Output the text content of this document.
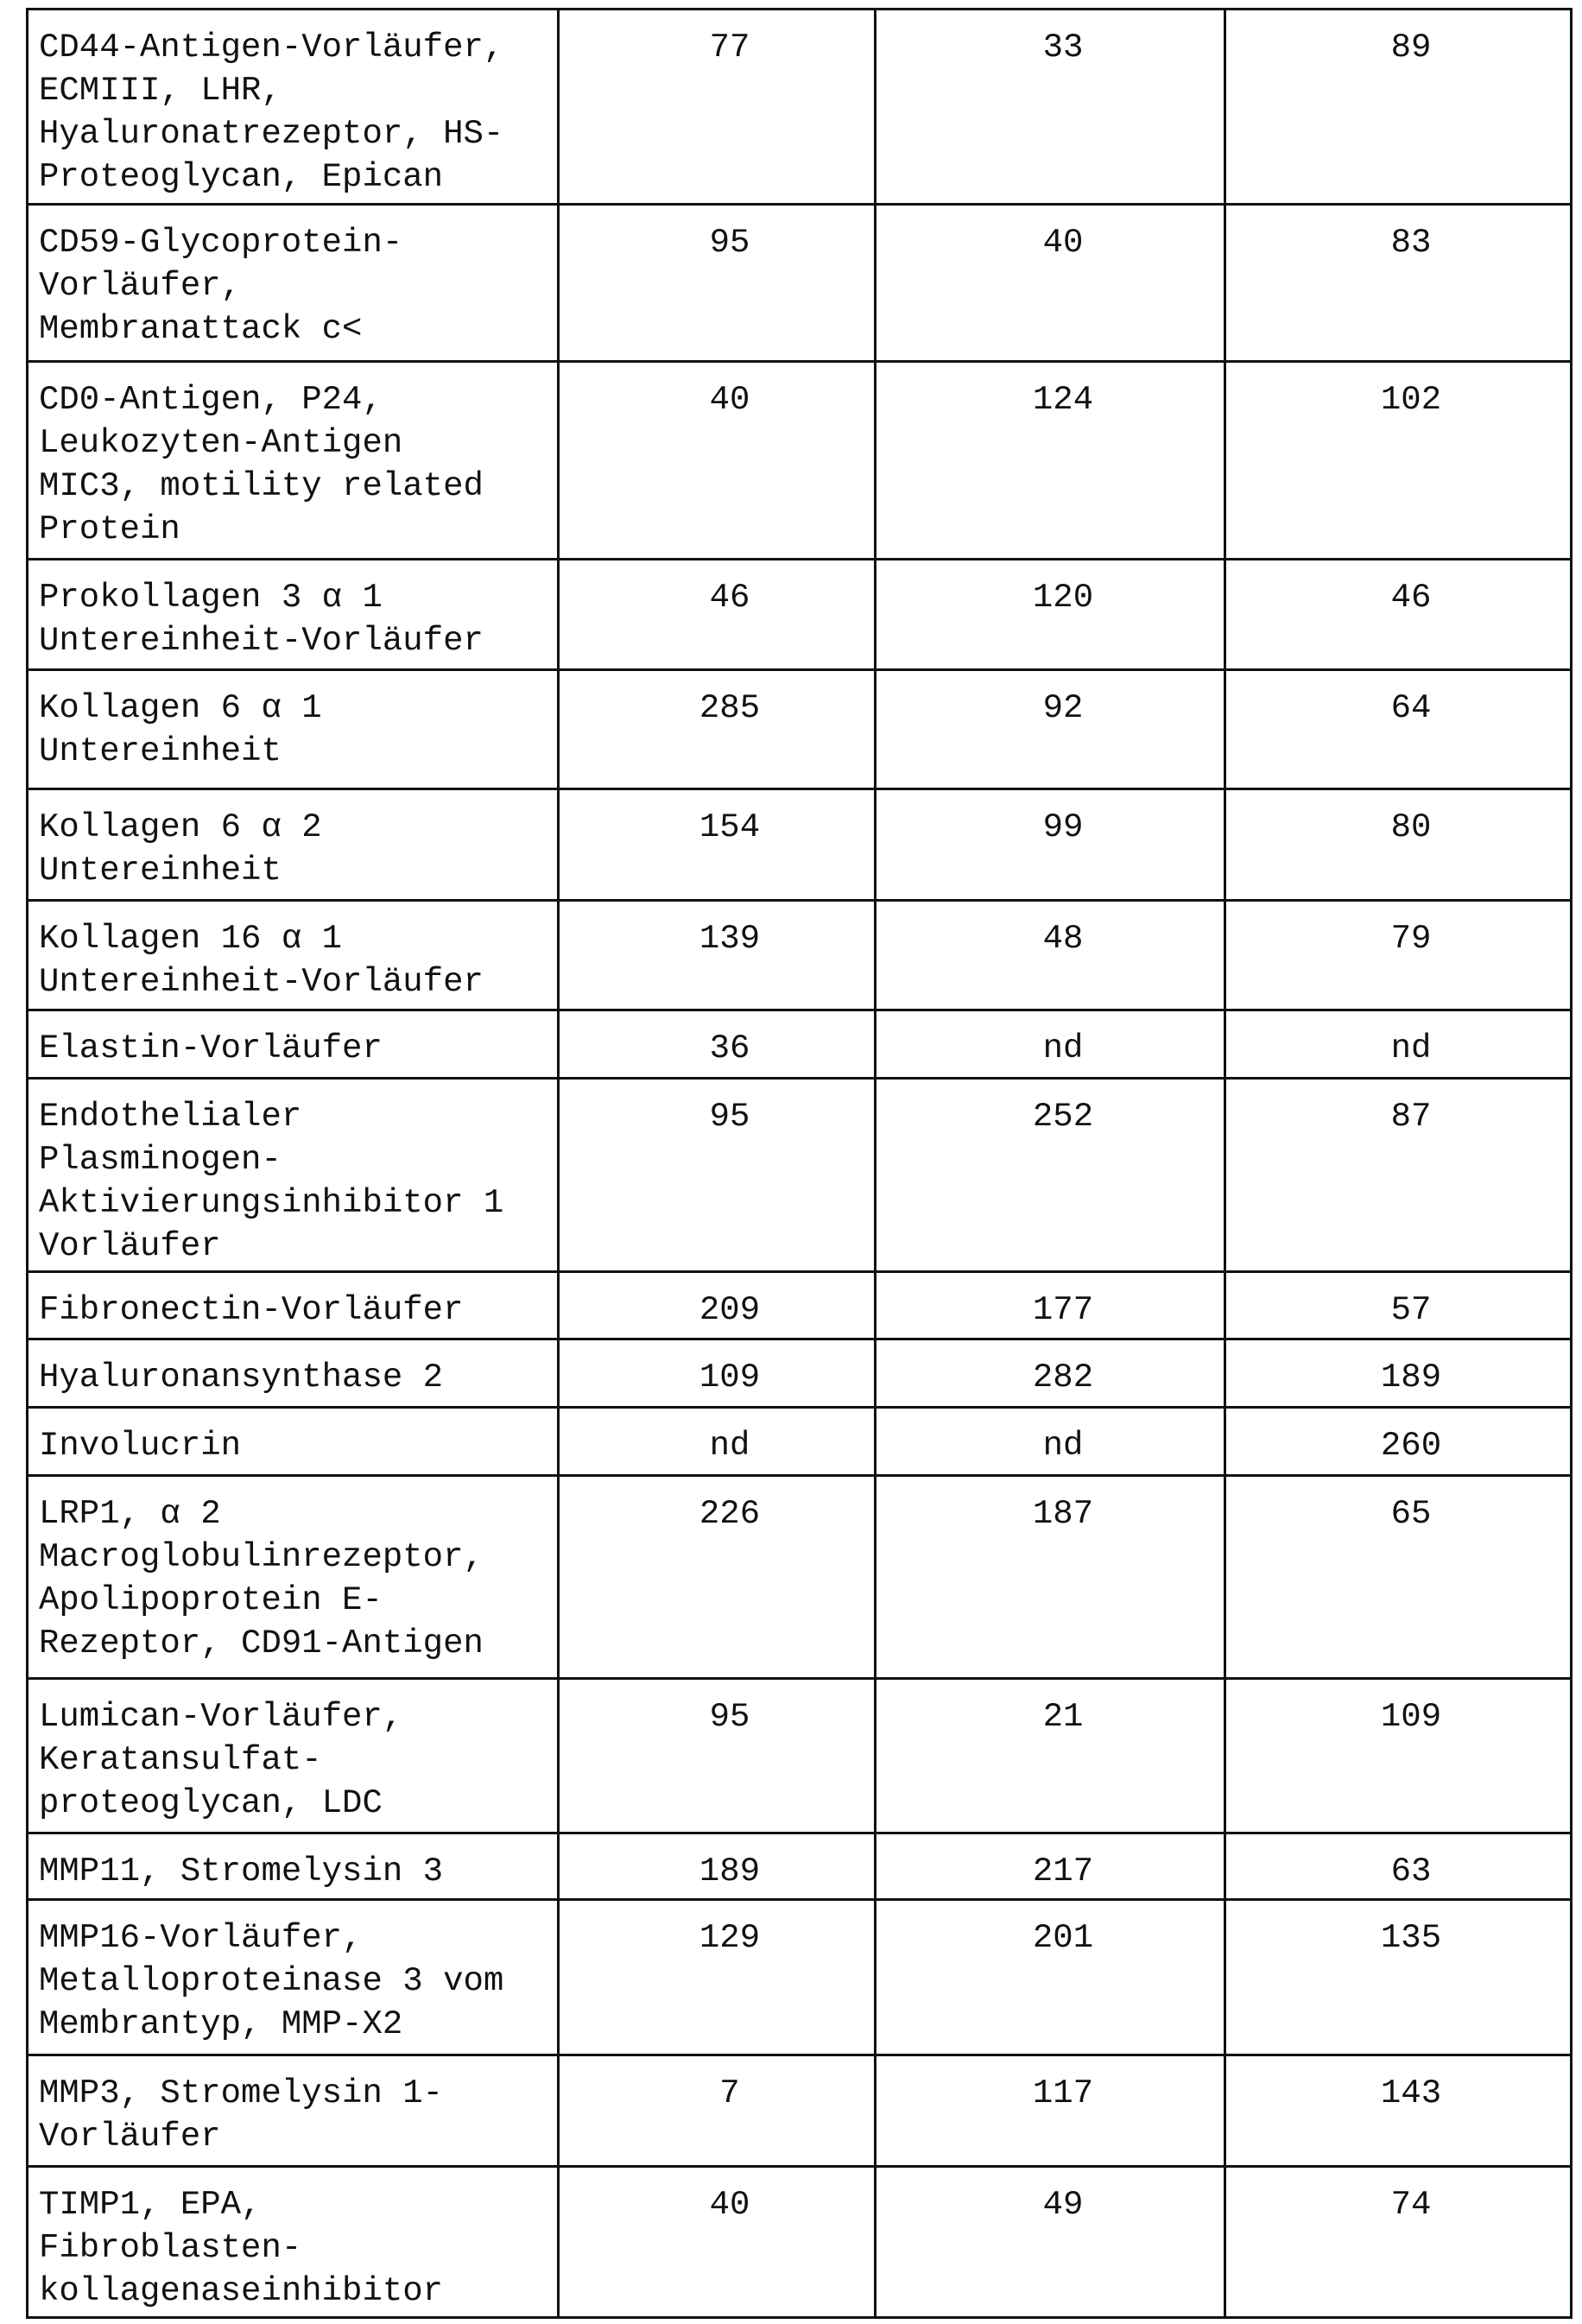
CD44-Antigen-Vorläufer,
ECMIII, LHR,
Hyaluronatrezeptor, HS-
Proteoglycan, Epican	77	33	89
CD59-Glycoprotein-
Vorläufer,
Membranattack c<	95	40	83
CD0-Antigen, P24,
Leukozyten-Antigen
MIC3, motility related
Protein	40	124	102
Prokollagen 3 α 1
Untereinheit-Vorläufer	46	120	46
Kollagen 6 α 1
Untereinheit	285	92	64
Kollagen 6 α 2
Untereinheit	154	99	80
Kollagen 16 α 1
Untereinheit-Vorläufer	139	48	79
Elastin-Vorläufer	36	nd	nd
Endothelialer
Plasminogen-
Aktivierungsinhibitor 1
Vorläufer	95	252	87
Fibronectin-Vorläufer	209	177	57
Hyaluronansynthase 2	109	282	189
Involucrin	nd	nd	260
LRP1, α 2
Macroglobulinrezeptor,
Apolipoprotein E-
Rezeptor, CD91-Antigen	226	187	65
Lumican-Vorläufer,
Keratansulfat-
proteoglycan, LDC	95	21	109
MMP11, Stromelysin 3	189	217	63
MMP16-Vorläufer,
Metalloproteinase 3 vom
Membrantyp, MMP-X2	129	201	135
MMP3, Stromelysin 1-
Vorläufer	7	117	143
TIMP1, EPA,
Fibroblasten-
kollagenaseinhibitor	40	49	74
